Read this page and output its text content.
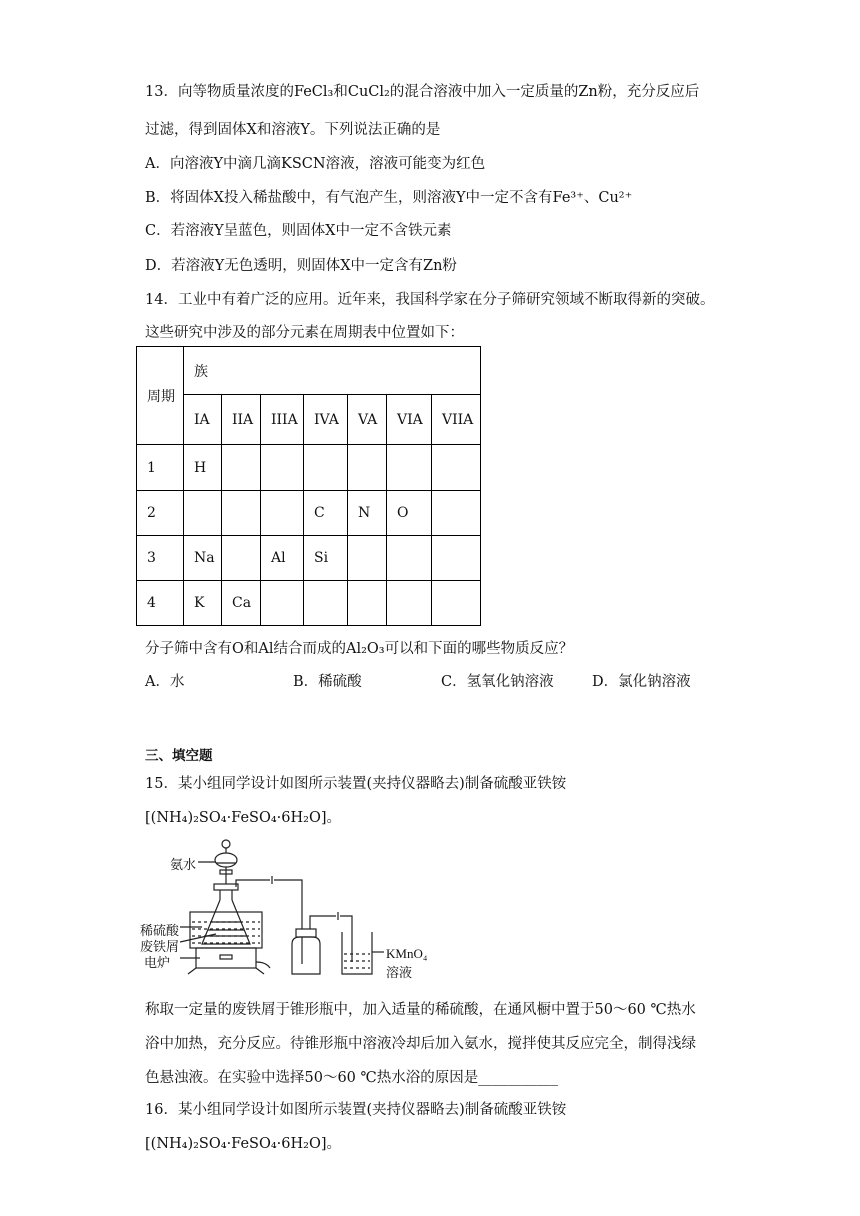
13．向等物质量浓度的FeCl₃和CuCl₂的混合溶液中加入一定质量的Zn粉，充分反应后
过滤，得到固体X和溶液Y。下列说法正确的是
A．向溶液Y中滴几滴KSCN溶液，溶液可能变为红色
B．将固体X投入稀盐酸中，有气泡产生，则溶液Y中一定不含有Fe³⁺、Cu²⁺
C．若溶液Y呈蓝色，则固体X中一定不含铁元素
D．若溶液Y无色透明，则固体X中一定含有Zn粉
14．工业中有着广泛的应用。近年来，我国科学家在分子筛研究领域不断取得新的突破。
这些研究中涉及的部分元素在周期表中位置如下：
周期	族						
	IA	IIA	IIIA	IVA	VA	VIA	VIIA
1	H						
2				C	N	O	
3	Na		Al	Si			
4	K	Ca					
分子筛中含有O和Al结合而成的Al₂O₃可以和下面的哪些物质反应？
A．水	B．稀硫酸	C．氢氧化钠溶液	D．氯化钠溶液
三、填空题
15．某小组同学设计如图所示装置(夹持仪器略去)制备硫酸亚铁铵
[(NH₄)₂SO₄·FeSO₄·6H₂O]。
氨水
稀硫酸
废铁屑
电炉
KMnO₄
溶液
称取一定量的废铁屑于锥形瓶中，加入适量的稀硫酸，在通风橱中置于50～60 ℃热水
浴中加热，充分反应。待锥形瓶中溶液冷却后加入氨水，搅拌使其反应完全，制得浅绿
色悬浊液。在实验中选择50～60 ℃热水浴的原因是___________
16．某小组同学设计如图所示装置(夹持仪器略去)制备硫酸亚铁铵
[(NH₄)₂SO₄·FeSO₄·6H₂O]。
